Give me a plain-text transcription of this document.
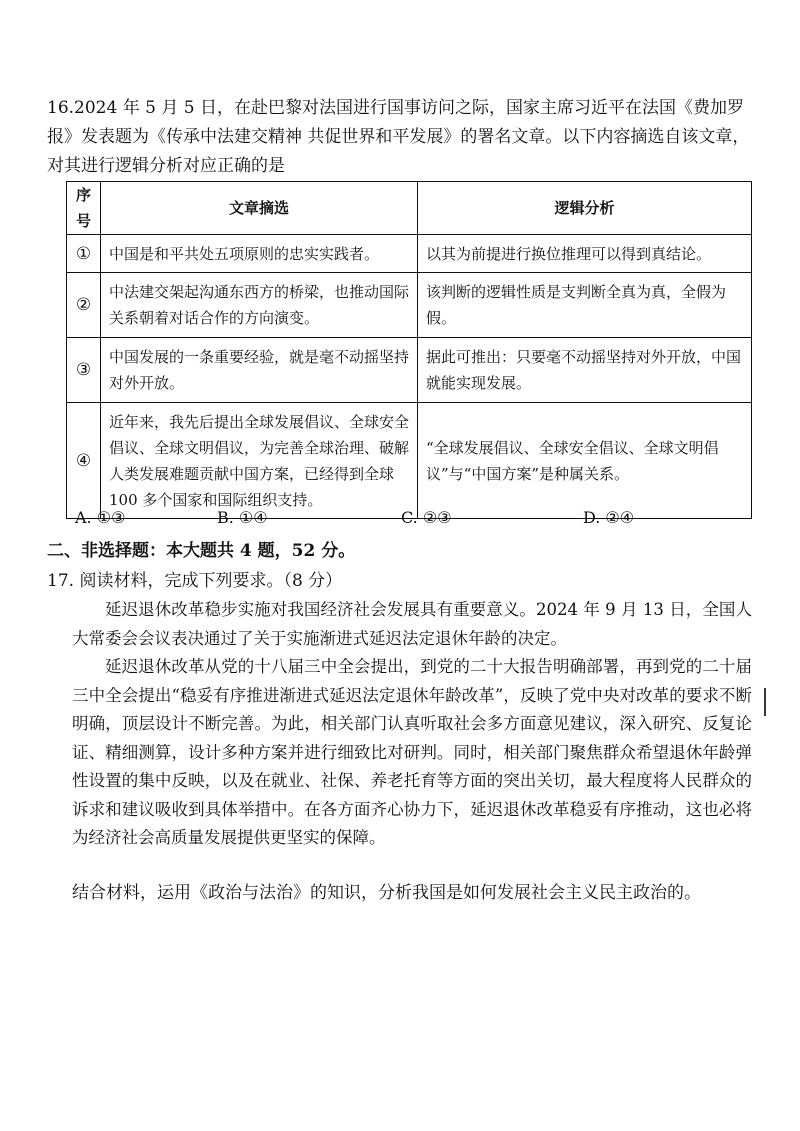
16.2024 年 5 月 5 日，在赴巴黎对法国进行国事访问之际，国家主席习近平在法国《费加罗报》发表题为《传承中法建交精神 共促世界和平发展》的署名文章。以下内容摘选自该文章，对其进行逻辑分析对应正确的是

序号	文章摘选	逻辑分析
①	中国是和平共处五项原则的忠实实践者。	以其为前提进行换位推理可以得到真结论。
②	中法建交架起沟通东西方的桥梁，也推动国际关系朝着对话合作的方向演变。	该判断的逻辑性质是支判断全真为真，全假为假。
③	中国发展的一条重要经验，就是毫不动摇坚持对外开放。	据此可推出：只要毫不动摇坚持对外开放，中国就能实现发展。
④	近年来，我先后提出全球发展倡议、全球安全倡议、全球文明倡议，为完善全球治理、破解人类发展难题贡献中国方案，已经得到全球 100 多个国家和国际组织支持。	“全球发展倡议、全球安全倡议、全球文明倡议”与“中国方案”是种属关系。
A. ①③	B. ①④	C. ②③	D. ②④

二、非选择题：本大题共 4 题，52 分。

17. 阅读材料，完成下列要求。（8 分）

延迟退休改革稳步实施对我国经济社会发展具有重要意义。2024 年 9 月 13 日，全国人大常委会会议表决通过了关于实施渐进式延迟法定退休年龄的决定。

延迟退休改革从党的十八届三中全会提出，到党的二十大报告明确部署，再到党的二十届三中全会提出“稳妥有序推进渐进式延迟法定退休年龄改革”，反映了党中央对改革的要求不断明确，顶层设计不断完善。为此，相关部门认真听取社会多方面意见建议，深入研究、反复论证、精细测算，设计多种方案并进行细致比对研判。同时，相关部门聚焦群众希望退休年龄弹性设置的集中反映，以及在就业、社保、养老托育等方面的突出关切，最大程度将人民群众的诉求和建议吸收到具体举措中。在各方面齐心协力下，延迟退休改革稳妥有序推动，这也必将为经济社会高质量发展提供更坚实的保障。

结合材料，运用《政治与法治》的知识，分析我国是如何发展社会主义民主政治的。
